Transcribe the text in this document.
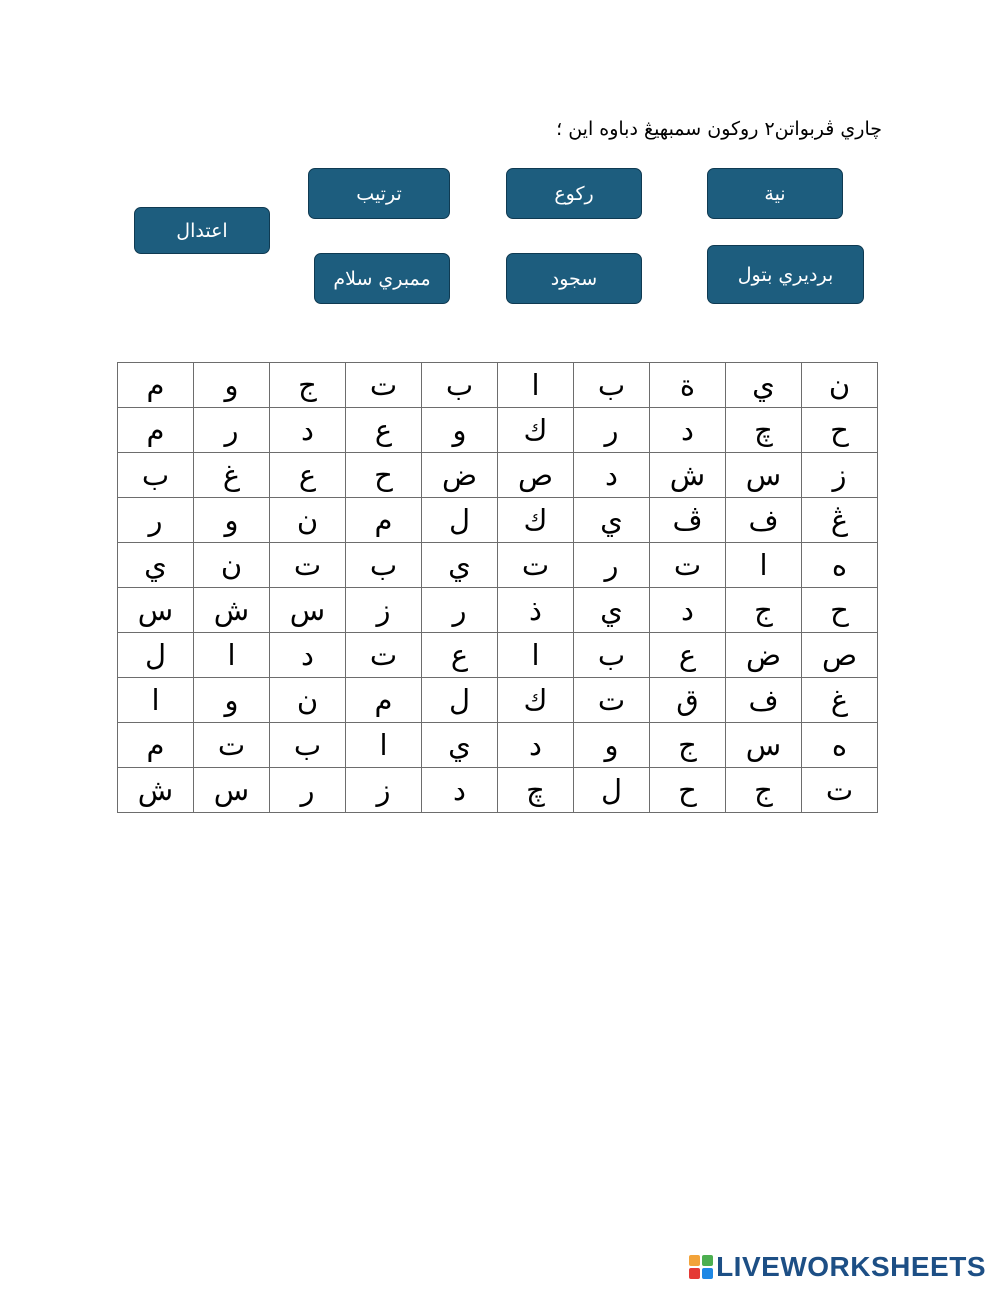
چاري ڤربواتن٢ روكون سمبهيڠ دباوه اين ؛
نية
ركوع
ترتيب
اعتدال
برديري بتول
سجود
ممبري سلام
ن	ي	ة	ب	ا	ب	ت	ج	و	م
ح	چ	د	ر	ك	و	ع	د	ر	م
ز	س	ش	د	ص	ض	ح	ع	غ	ب
ڠ	ف	ڤ	ي	ك	ل	م	ن	و	ر
ه	ا	ت	ر	ت	ي	ب	ت	ن	ي
ح	ج	د	ي	ذ	ر	ز	س	ش	س
ص	ض	ع	ب	ا	ع	ت	د	ا	ل
غ	ف	ق	ت	ك	ل	م	ن	و	ا
ه	س	ج	و	د	ي	ا	ب	ت	م
ت	ج	ح	ل	چ	د	ز	ر	س	ش
LIVEWORKSHEETS
